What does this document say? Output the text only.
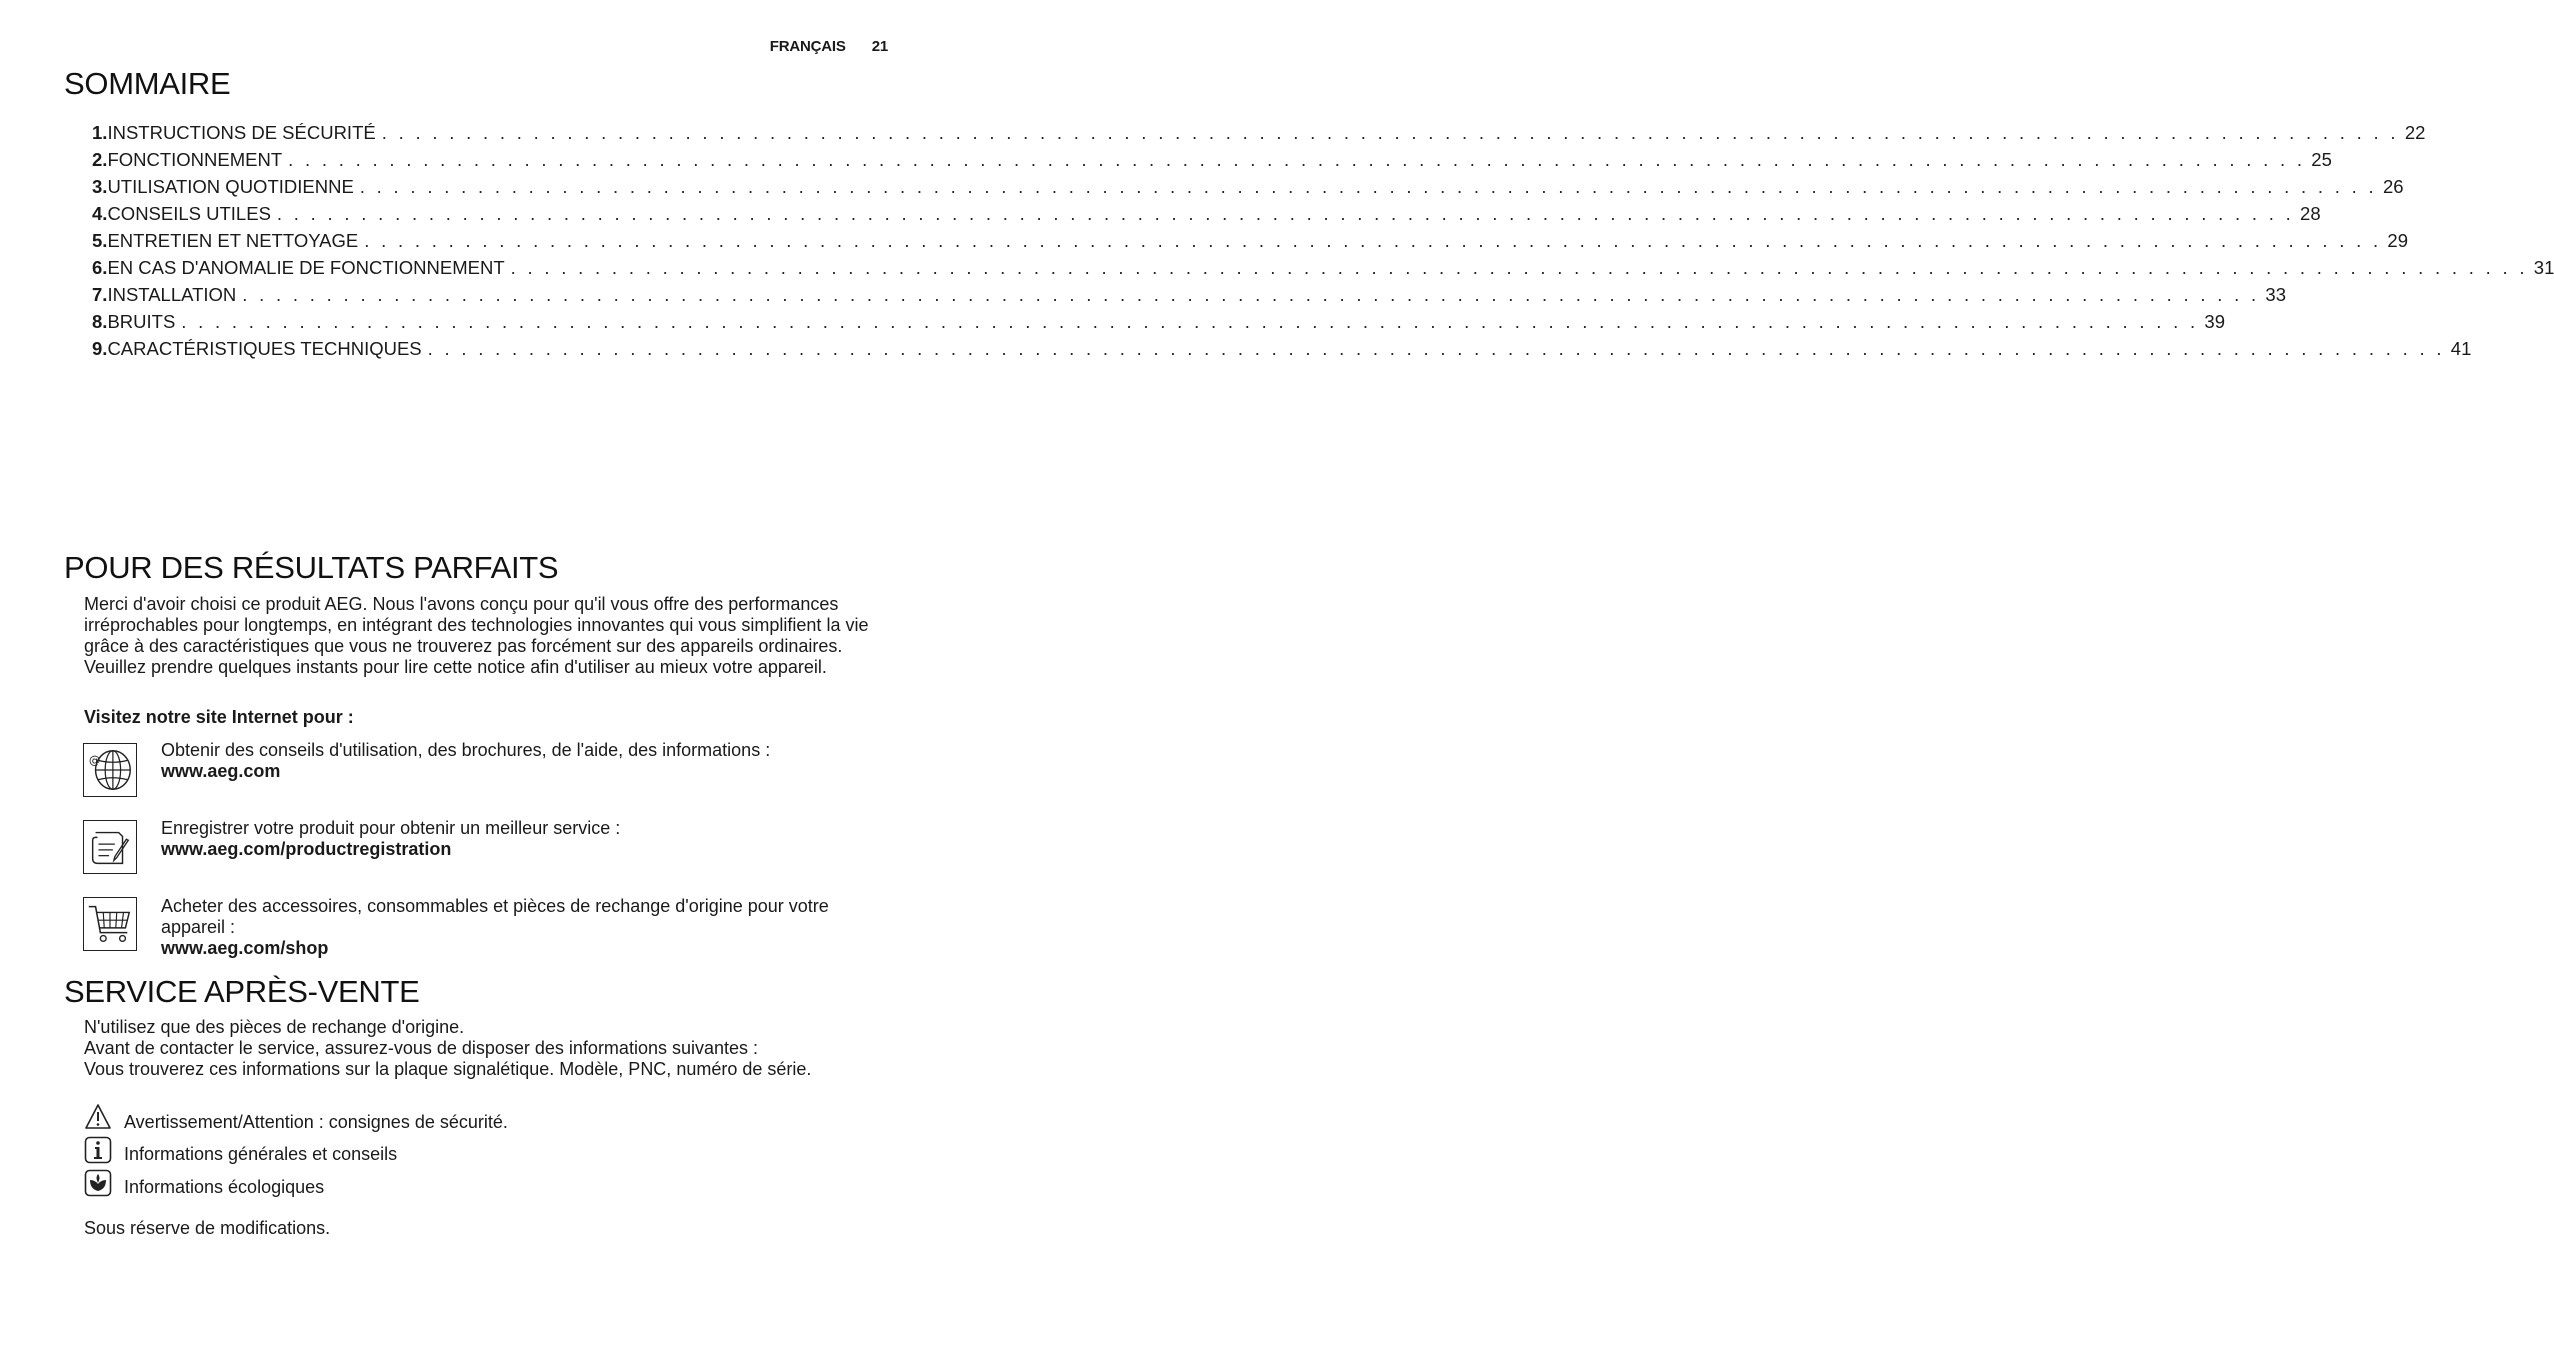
FRANÇAIS 21
SOMMAIRE
1. INSTRUCTIONS DE SÉCURITÉ . . . . . . . . . . . . . . . . . . . . . . . . . . . . . . . . . . . . . . . . . . . . . . . . . . . . . . . . . . . . . . . . . . . . . . . . . . . . . . . . . . . . . . . . . . . . . . . . . . . . . . . . . . . . . . . . . . . . . . . . 22
2. FONCTIONNEMENT . . . . . . . . . . . . . . . . . . . . . . . . . . . . . . . . . . . . . . . . . . . . . . . . . . . . . . . . . . . . . . . . . . . . . . . . . . . . . . . . . . . . . . . . . . . . . . . . . . . . . . . . . . . . . . . . . . . . . . . . 25
3. UTILISATION QUOTIDIENNE . . . . . . . . . . . . . . . . . . . . . . . . . . . . . . . . . . . . . . . . . . . . . . . . . . . . . . . . . . . . . . . . . . . . . . . . . . . . . . . . . . . . . . . . . . . . . . . . . . . . . . . . . . . . . . . . . . . . . . . . 26
4. CONSEILS UTILES . . . . . . . . . . . . . . . . . . . . . . . . . . . . . . . . . . . . . . . . . . . . . . . . . . . . . . . . . . . . . . . . . . . . . . . . . . . . . . . . . . . . . . . . . . . . . . . . . . . . . . . . . . . . . . . . . . . . . . . . 28
5. ENTRETIEN ET NETTOYAGE . . . . . . . . . . . . . . . . . . . . . . . . . . . . . . . . . . . . . . . . . . . . . . . . . . . . . . . . . . . . . . . . . . . . . . . . . . . . . . . . . . . . . . . . . . . . . . . . . . . . . . . . . . . . . . . . . . . . . . . . 29
6. EN CAS D'ANOMALIE DE FONCTIONNEMENT . . . . . . . . . . . . . . . . . . . . . . . . . . . . . . . . . . . . . . . . . . . . . . . . . . . . . . . . . . . . . . . . . . . . . . . . . . . . . . . . . . . . . . . . . . . . . . . . . . . . . . . . . . . . . . . . . . . . . . . . 31
7. INSTALLATION . . . . . . . . . . . . . . . . . . . . . . . . . . . . . . . . . . . . . . . . . . . . . . . . . . . . . . . . . . . . . . . . . . . . . . . . . . . . . . . . . . . . . . . . . . . . . . . . . . . . . . . . . . . . . . . . . . . . . . . . 33
8. BRUITS . . . . . . . . . . . . . . . . . . . . . . . . . . . . . . . . . . . . . . . . . . . . . . . . . . . . . . . . . . . . . . . . . . . . . . . . . . . . . . . . . . . . . . . . . . . . . . . . . . . . . . . . . . . . . . . . . . . . . . . . 39
9. CARACTÉRISTIQUES TECHNIQUES . . . . . . . . . . . . . . . . . . . . . . . . . . . . . . . . . . . . . . . . . . . . . . . . . . . . . . . . . . . . . . . . . . . . . . . . . . . . . . . . . . . . . . . . . . . . . . . . . . . . . . . . . . . . . . . . . . . . . . . . 41
POUR DES RÉSULTATS PARFAITS
Merci d'avoir choisi ce produit AEG. Nous l'avons conçu pour qu'il vous offre des performances irréprochables pour longtemps, en intégrant des technologies innovantes qui vous simplifient la vie grâce à des caractéristiques que vous ne trouverez pas forcément sur des appareils ordinaires. Veuillez prendre quelques instants pour lire cette notice afin d'utiliser au mieux votre appareil.
Visitez notre site Internet pour :
@
Obtenir des conseils d'utilisation, des brochures, de l'aide, des informations :
www.aeg.com
Enregistrer votre produit pour obtenir un meilleur service :
www.aeg.com/productregistration
Acheter des accessoires, consommables et pièces de rechange d'origine pour votre appareil :
www.aeg.com/shop
SERVICE APRÈS-VENTE
N'utilisez que des pièces de rechange d'origine.
Avant de contacter le service, assurez-vous de disposer des informations suivantes :
Vous trouverez ces informations sur la plaque signalétique. Modèle, PNC, numéro de série.
Avertissement/Attention : consignes de sécurité.
Informations générales et conseils
Informations écologiques
Sous réserve de modifications.
